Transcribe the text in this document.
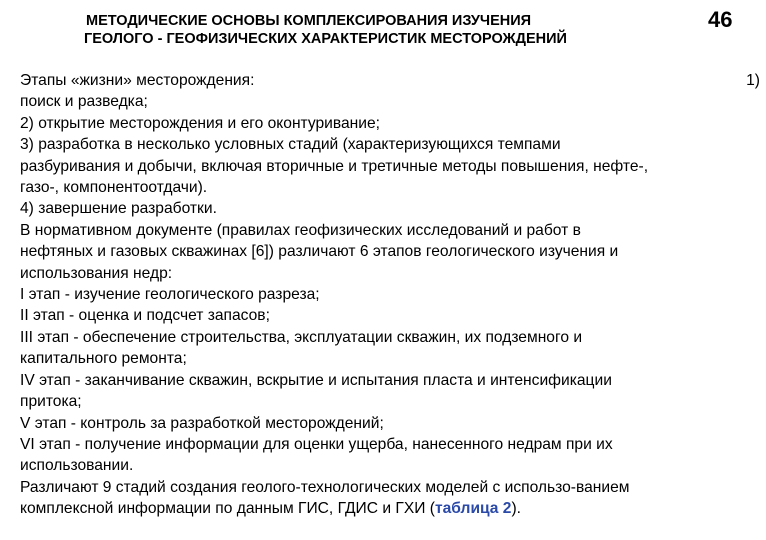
МЕТОДИЧЕСКИЕ ОСНОВЫ КОМПЛЕКСИРОВАНИЯ ИЗУЧЕНИЯ
ГЕОЛОГО - ГЕОФИЗИЧЕСКИХ ХАРАКТЕРИСТИК МЕСТОРОЖДЕНИЙ
46
Этапы «жизни» месторождения:	1)
поиск и разведка;
2) открытие месторождения и его оконтуривание;
3) разработка в несколько условных стадий (характеризующихся темпами
разбуривания и добычи, включая вторичные и третичные методы повышения, нефте-,
газо-, компонентоотдачи).
4) завершение разработки.
В нормативном документе (правилах геофизических исследований и работ в
нефтяных и газовых скважинах [6]) различают 6 этапов геологического изучения и
использования недр:
I этап - изучение геологического разреза;
II этап - оценка и подсчет запасов;
III этап - обеспечение строительства, эксплуатации скважин, их подземного и
капитального ремонта;
IV этап - заканчивание скважин, вскрытие и испытания пласта и интенсификации
притока;
V этап - контроль за разработкой месторождений;
VI этап - получение информации для оценки ущерба, нанесенного недрам при их
использовании.
Различают 9 стадий создания геолого-технологических моделей с использо-ванием
комплексной информации по данным ГИС, ГДИС и ГХИ (таблица 2).
